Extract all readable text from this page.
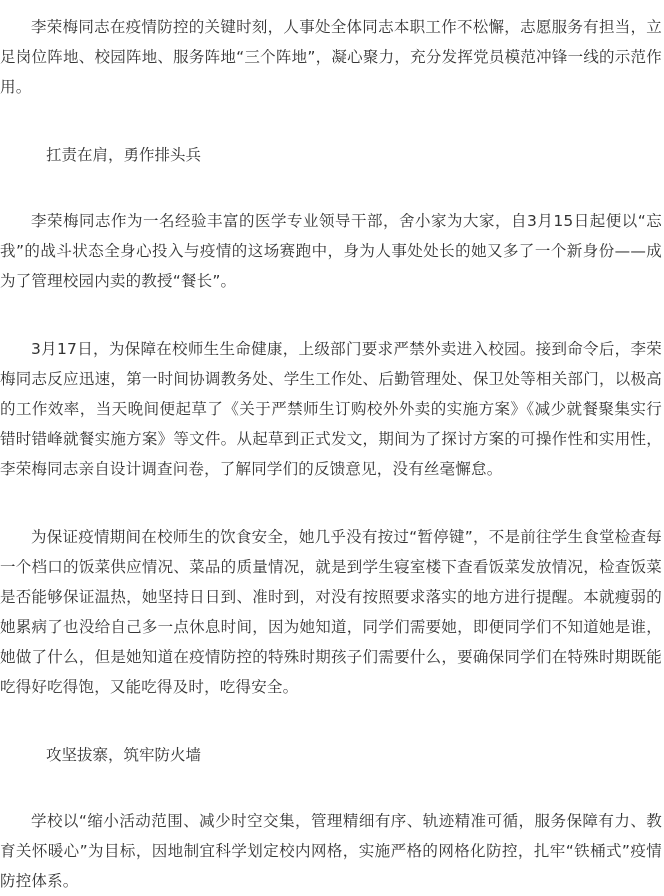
李荣梅同志在疫情防控的关键时刻，人事处全体同志本职工作不松懈，志愿服务有担当，立足岗位阵地、校园阵地、服务阵地“三个阵地”，凝心聚力，充分发挥党员模范冲锋一线的示范作用。

扛责在肩，勇作排头兵

李荣梅同志作为一名经验丰富的医学专业领导干部，舍小家为大家，自3月15日起便以“忘我”的战斗状态全身心投入与疫情的这场赛跑中，身为人事处处长的她又多了一个新身份——成为了管理校园内卖的教授“餐长”。

3月17日，为保障在校师生生命健康，上级部门要求严禁外卖进入校园。接到命令后，李荣梅同志反应迅速，第一时间协调教务处、学生工作处、后勤管理处、保卫处等相关部门，以极高的工作效率，当天晚间便起草了《关于严禁师生订购校外外卖的实施方案》《减少就餐聚集实行错时错峰就餐实施方案》等文件。从起草到正式发文，期间为了探讨方案的可操作性和实用性，李荣梅同志亲自设计调查问卷，了解同学们的反馈意见，没有丝毫懈怠。

为保证疫情期间在校师生的饮食安全，她几乎没有按过“暂停键”，不是前往学生食堂检查每一个档口的饭菜供应情况、菜品的质量情况，就是到学生寝室楼下查看饭菜发放情况，检查饭菜是否能够保证温热，她坚持日日到、准时到，对没有按照要求落实的地方进行提醒。本就瘦弱的她累病了也没给自己多一点休息时间，因为她知道，同学们需要她，即便同学们不知道她是谁，她做了什么，但是她知道在疫情防控的特殊时期孩子们需要什么，要确保同学们在特殊时期既能吃得好吃得饱，又能吃得及时，吃得安全。

攻坚拔寨，筑牢防火墙

学校以“缩小活动范围、减少时空交集，管理精细有序、轨迹精准可循，服务保障有力、教育关怀暖心”为目标，因地制宜科学划定校内网格，实施严格的网格化防控，扎牢“铁桶式”疫情防控体系。
